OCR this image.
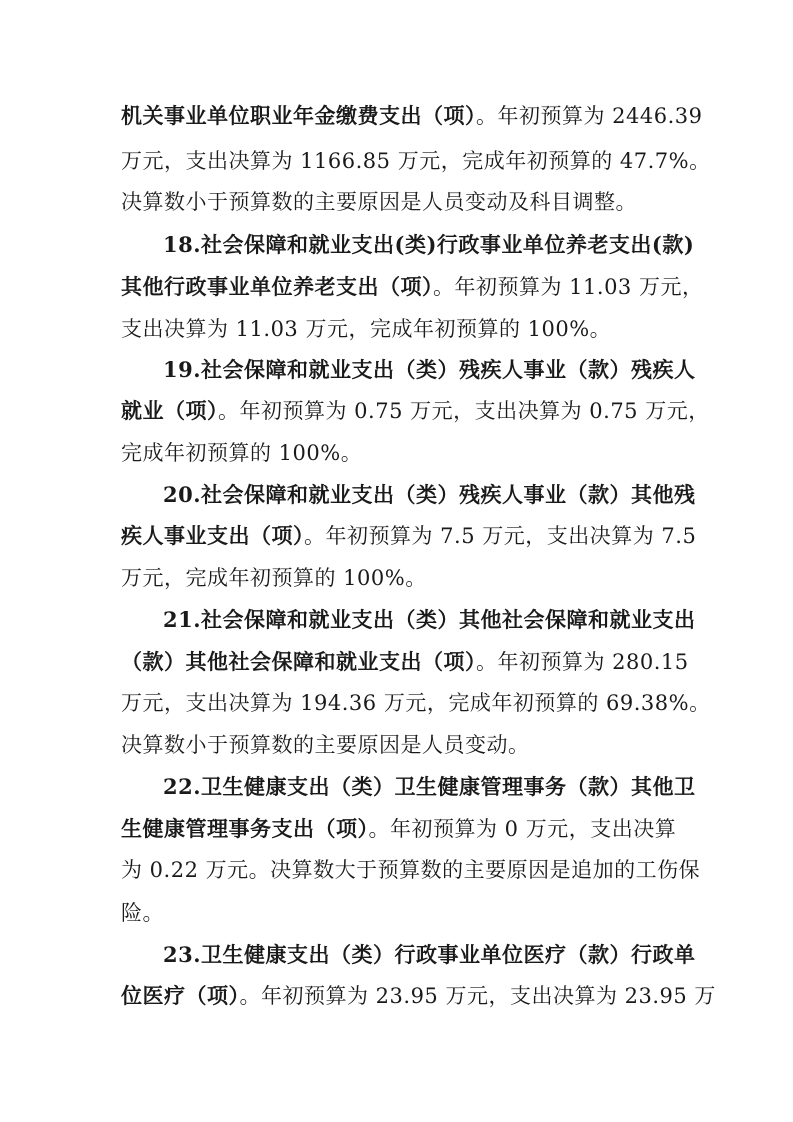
机关事业单位职业年金缴费支出（项）。年初预算为 2446.39
万元，支出决算为 1166.85 万元，完成年初预算的 47.7%。
决算数小于预算数的主要原因是人员变动及科目调整。
18.社会保障和就业支出(类)行政事业单位养老支出(款)
其他行政事业单位养老支出（项）。年初预算为 11.03 万元，
支出决算为 11.03 万元，完成年初预算的 100%。
19.社会保障和就业支出（类）残疾人事业（款）残疾人
就业（项）。年初预算为 0.75 万元，支出决算为 0.75 万元，
完成年初预算的 100%。
20.社会保障和就业支出（类）残疾人事业（款）其他残
疾人事业支出（项）。年初预算为 7.5 万元，支出决算为 7.5
万元，完成年初预算的 100%。
21.社会保障和就业支出（类）其他社会保障和就业支出
（款）其他社会保障和就业支出（项）。年初预算为 280.15
万元，支出决算为 194.36 万元，完成年初预算的 69.38%。
决算数小于预算数的主要原因是人员变动。
22.卫生健康支出（类）卫生健康管理事务（款）其他卫
生健康管理事务支出（项）。年初预算为 0 万元，支出决算
为 0.22 万元。决算数大于预算数的主要原因是追加的工伤保
险。
23.卫生健康支出（类）行政事业单位医疗（款）行政单
位医疗（项）。年初预算为 23.95 万元，支出决算为 23.95 万
